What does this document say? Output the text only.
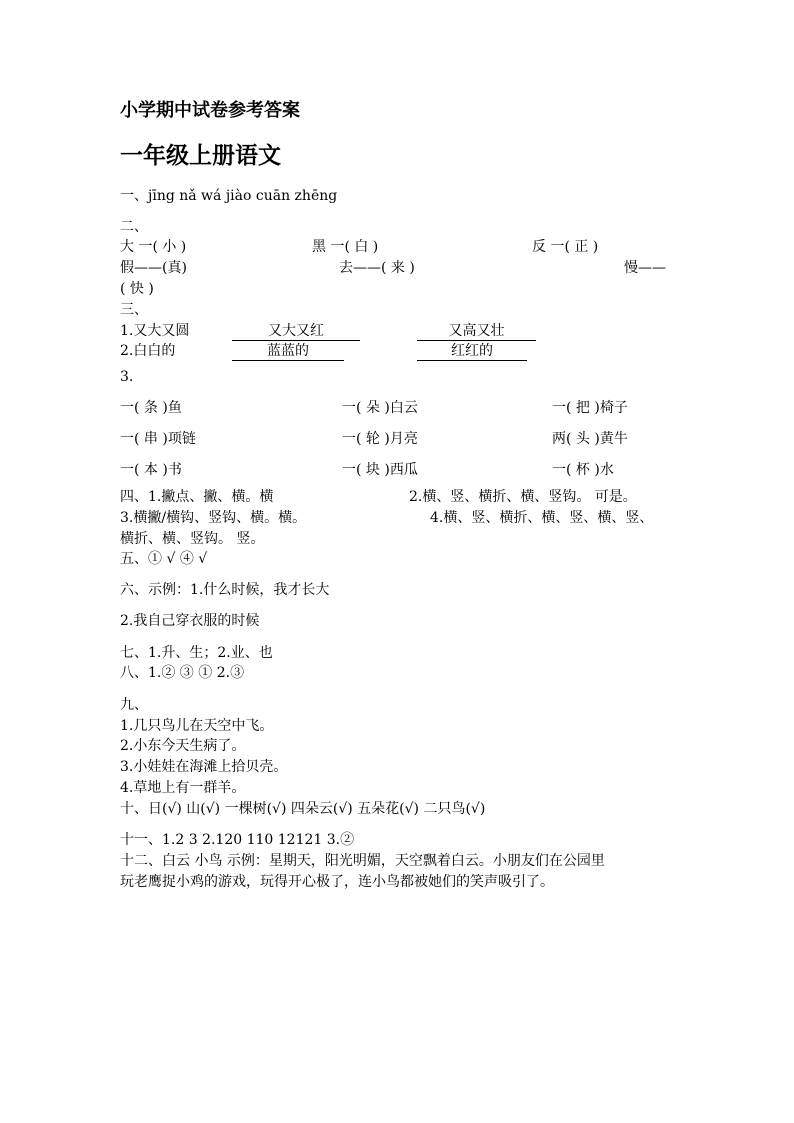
小学期中试卷参考答案
一年级上册语文
一、jīng nǎ wá jiào cuān zhēng
二、
大 一( 小 )	黑 一( 白 )	反 一( 正 )
假——(真)	去——( 来 )	慢——
( 快 )
三、
1.又大又圆	又大又红	又高又壮
2.白白的	蓝蓝的	红红的
3.
一( 条 )鱼	一( 朵 )白云	一( 把 )椅子
一( 串 )项链	一( 轮 )月亮	两( 头 )黄牛
一( 本 )书	一( 块 )西瓜	一( 杯 )水
四、1.撇点、撇、横。横	2.横、竖、横折、横、竖钩。 可是。
3.横撇/横钩、竖钩、横。横。	4.横、竖、横折、横、竖、横、竖、
横折、横、竖钩。 竖。
五、① √ ④ √
六、示例：1.什么时候，我才长大
2.我自己穿衣服的时候
七、1.升、生；2.业、也
八、1.② ③ ① 2.③
九、
1.几只鸟儿在天空中飞。
2.小东今天生病了。
3.小娃娃在海滩上拾贝壳。
4.草地上有一群羊。
十、日(√) 山(√) 一棵树(√) 四朵云(√) 五朵花(√) 二只鸟(√)
十一、1.2 3 2.120 110 12121 3.②
十二、白云 小鸟 示例：星期天，阳光明媚，天空飘着白云。小朋友们在公园里
玩老鹰捉小鸡的游戏，玩得开心极了，连小鸟都被她们的笑声吸引了。
